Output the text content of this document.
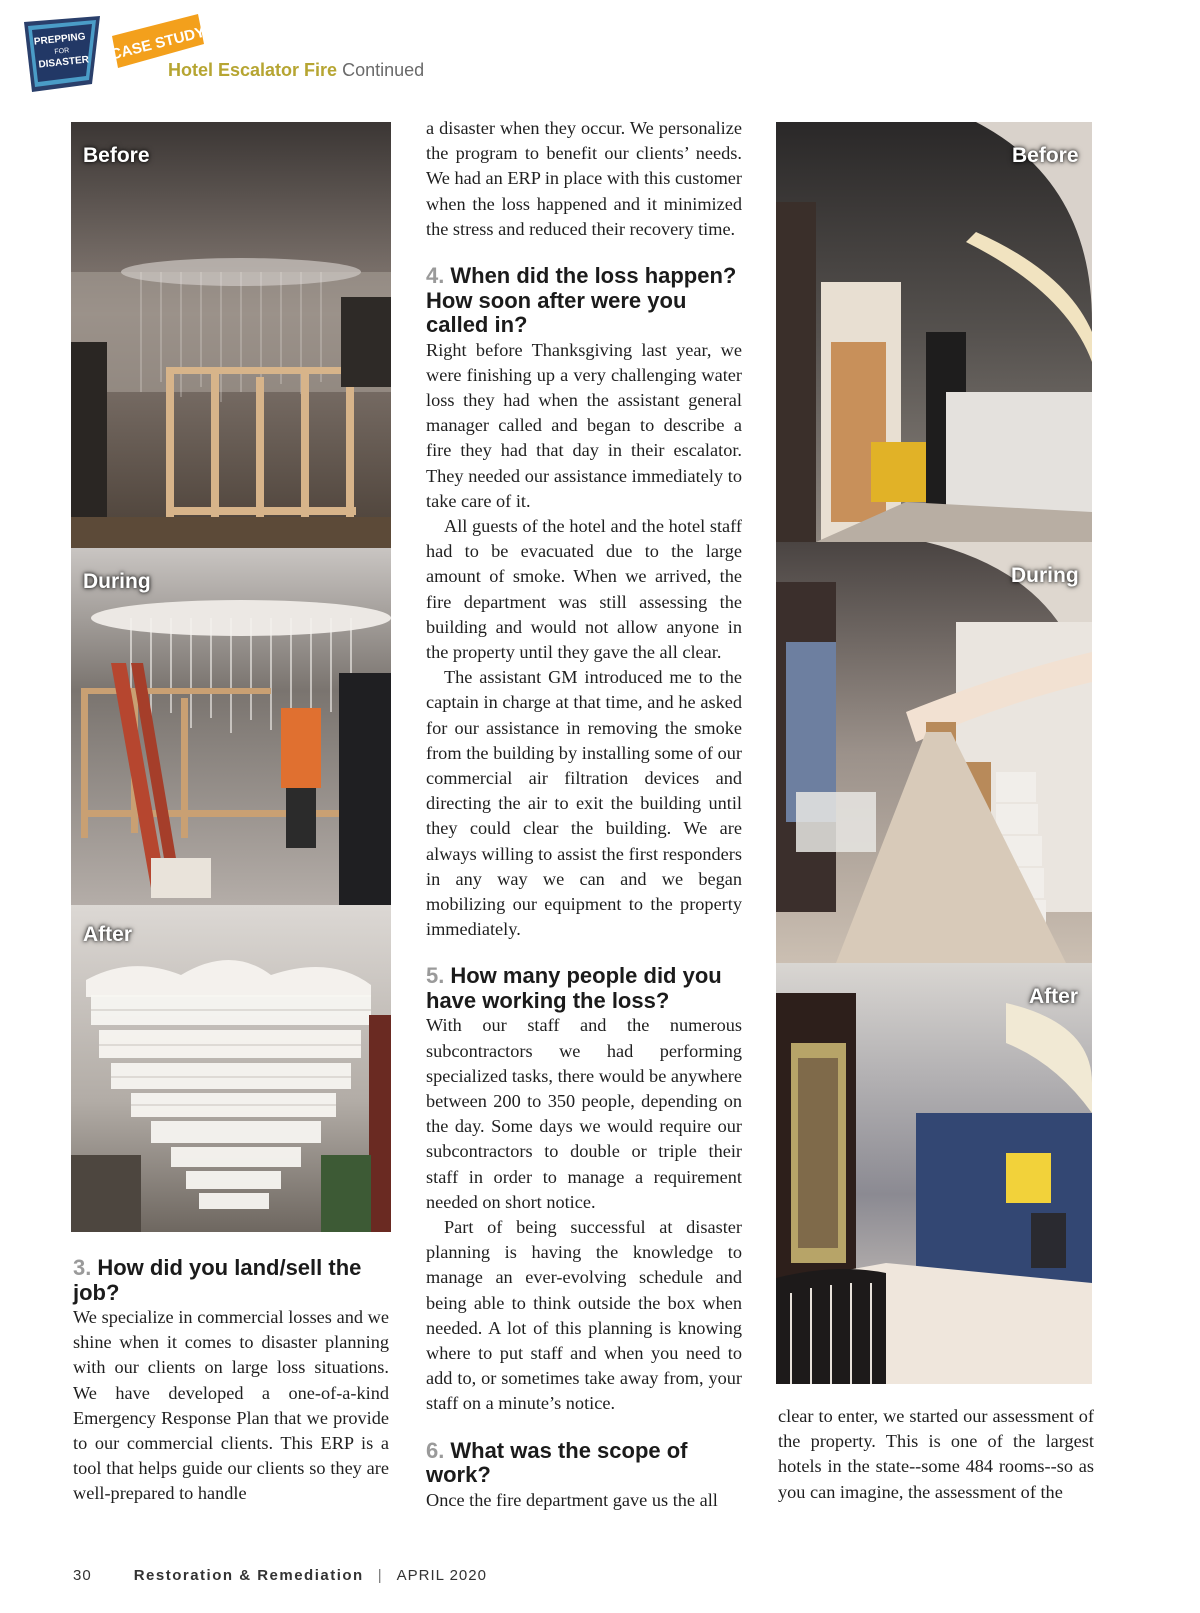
PREPPING
FOR
DISASTER CASE STUDY
Hotel Escalator Fire Continued
Before
During
After
Before
During
After
3. How did you land/sell the job?

We specialize in commercial losses and we shine when it comes to disaster planning with our clients on large loss situations. We have developed a one-of-a-kind Emergency Response Plan that we provide to our commercial clients. This ERP is a tool that helps guide our clients so they are well-prepared to handle

a disaster when they occur. We personalize the program to benefit our clients’ needs. We had an ERP in place with this customer when the loss happened and it minimized the stress and reduced their recovery time.

4. When did the loss happen? How soon after were you called in?

Right before Thanksgiving last year, we were finishing up a very challenging water loss they had when the assistant general manager called and began to describe a fire they had that day in their escalator. They needed our assistance immediately to take care of it.

All guests of the hotel and the hotel staff had to be evacuated due to the large amount of smoke. When we arrived, the fire department was still assessing the building and would not allow anyone in the property until they gave the all clear.

The assistant GM introduced me to the captain in charge at that time, and he asked for our assistance in removing the smoke from the building by installing some of our commercial air filtration devices and directing the air to exit the building until they could clear the building. We are always willing to assist the first responders in any way we can and we began mobilizing our equipment to the property immediately.

5. How many people did you have working the loss?

With our staff and the numerous subcontractors we had performing specialized tasks, there would be anywhere between 200 to 350 people, depending on the day. Some days we would require our subcontractors to double or triple their staff in order to manage a requirement needed on short notice.

Part of being successful at disaster planning is having the knowledge to manage an ever-evolving schedule and being able to think outside the box when needed. A lot of this planning is knowing where to put staff and when you need to add to, or sometimes take away from, your staff on a minute’s notice.

6. What was the scope of work?

Once the fire department gave us the all

clear to enter, we started our assessment of the property. This is one of the largest hotels in the state--some 484 rooms--so as you can imagine, the assessment of the

30	Restoration & Remediation | APRIL 2020
